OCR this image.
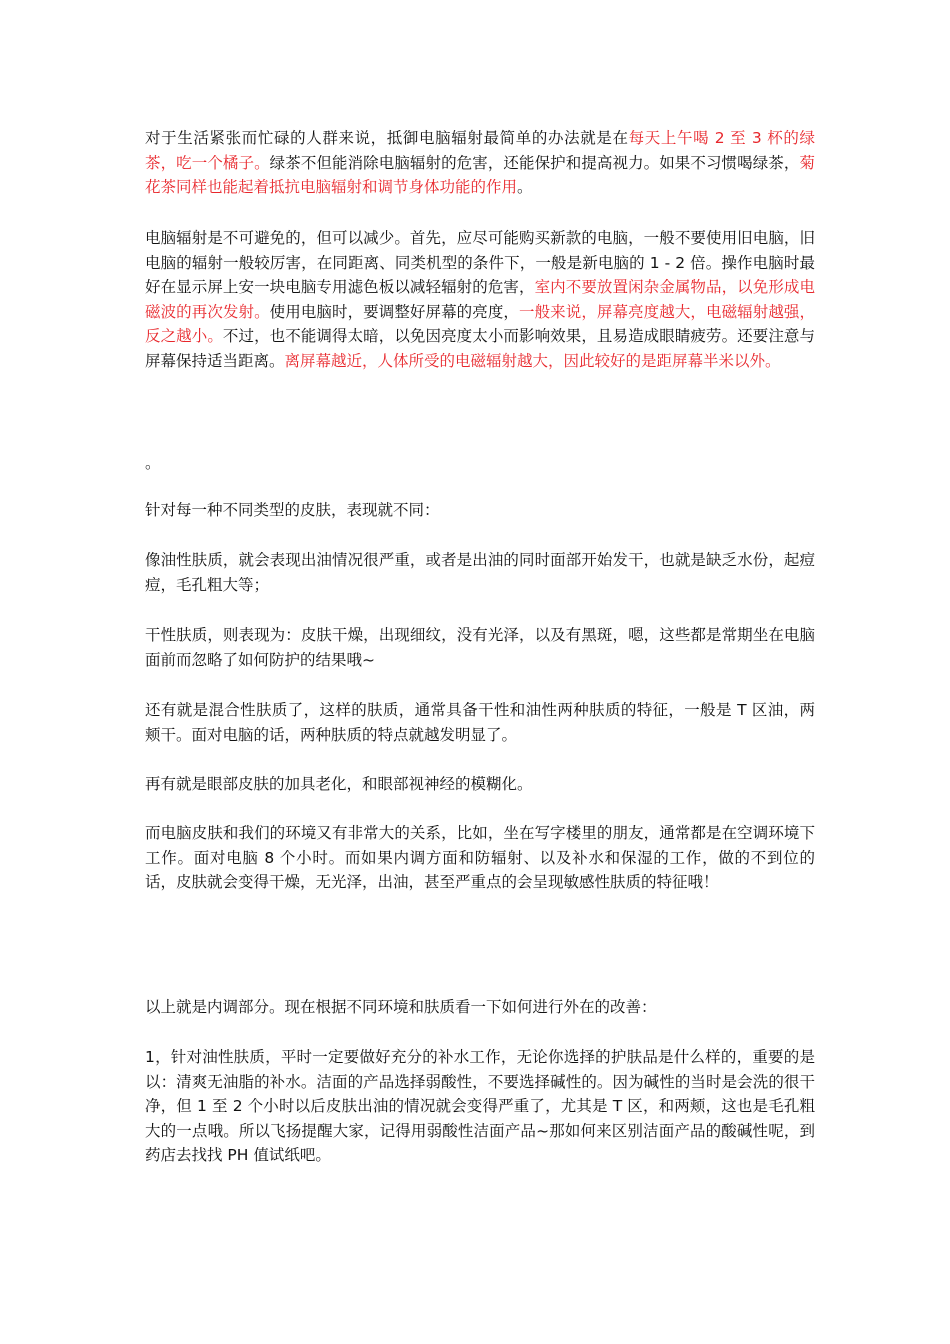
对于生活紧张而忙碌的人群来说，抵御电脑辐射最简单的办法就是在每天上午喝 2 至 3 杯的绿茶，吃一个橘子。绿茶不但能消除电脑辐射的危害，还能保护和提高视力。如果不习惯喝绿茶，菊花茶同样也能起着抵抗电脑辐射和调节身体功能的作用。

电脑辐射是不可避免的，但可以减少。首先，应尽可能购买新款的电脑，一般不要使用旧电脑，旧电脑的辐射一般较厉害，在同距离、同类机型的条件下，一般是新电脑的 1 - 2 倍。操作电脑时最好在显示屏上安一块电脑专用滤色板以减轻辐射的危害，室内不要放置闲杂金属物品，以免形成电磁波的再次发射。使用电脑时，要调整好屏幕的亮度，一般来说，屏幕亮度越大，电磁辐射越强，反之越小。不过，也不能调得太暗，以免因亮度太小而影响效果，且易造成眼睛疲劳。还要注意与屏幕保持适当距离。离屏幕越近，人体所受的电磁辐射越大，因此较好的是距屏幕半米以外。

。

针对每一种不同类型的皮肤，表现就不同：

像油性肤质，就会表现出油情况很严重，或者是出油的同时面部开始发干，也就是缺乏水份，起痘痘，毛孔粗大等；

干性肤质，则表现为：皮肤干燥，出现细纹，没有光泽，以及有黑斑，嗯，这些都是常期坐在电脑面前而忽略了如何防护的结果哦~

还有就是混合性肤质了，这样的肤质，通常具备干性和油性两种肤质的特征，一般是 T 区油，两颊干。面对电脑的话，两种肤质的特点就越发明显了。

再有就是眼部皮肤的加具老化，和眼部视神经的模糊化。

而电脑皮肤和我们的环境又有非常大的关系，比如，坐在写字楼里的朋友，通常都是在空调环境下工作。面对电脑 8 个小时。而如果内调方面和防辐射、以及补水和保湿的工作，做的不到位的话，皮肤就会变得干燥，无光泽，出油，甚至严重点的会呈现敏感性肤质的特征哦！

以上就是内调部分。现在根据不同环境和肤质看一下如何进行外在的改善：

1，针对油性肤质，平时一定要做好充分的补水工作，无论你选择的护肤品是什么样的，重要的是以：清爽无油脂的补水。洁面的产品选择弱酸性，不要选择碱性的。因为碱性的当时是会洗的很干净，但 1 至 2 个小时以后皮肤出油的情况就会变得严重了，尤其是 T 区，和两颊，这也是毛孔粗大的一点哦。所以飞扬提醒大家，记得用弱酸性洁面产品~那如何来区别洁面产品的酸碱性呢，到药店去找找 PH 值试纸吧。
